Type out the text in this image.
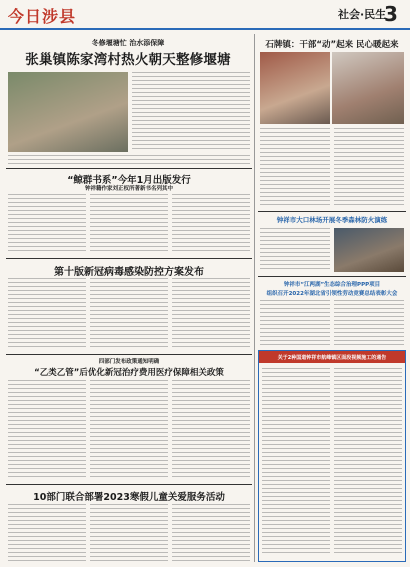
今日涉县	社会·民生
3
冬修堰塘忙 治水添保障
张巢镇陈家湾村热火朝天整修堰塘
“鲸群书系”今年1月出版发行
钟祥籍作家刘正权所著新书名列其中
第十版新冠病毒感染防控方案发布
四部门发布政策通知明确
“乙类乙管”后优化新冠治疗费用医疗保障相关政策
10部门联合部署2023寒假儿童关爱服务活动
石牌镇：干部“动”起来 民心暖起来
钟祥市大口林场开展冬季森林防火演练
钟祥市“江两湖”生态综合治理PPP项目
组织召开2022年湖北省引领性劳动竞赛总结表彰大会
关于2种国道钟祥市航峰镇区面段视频施工的通告
